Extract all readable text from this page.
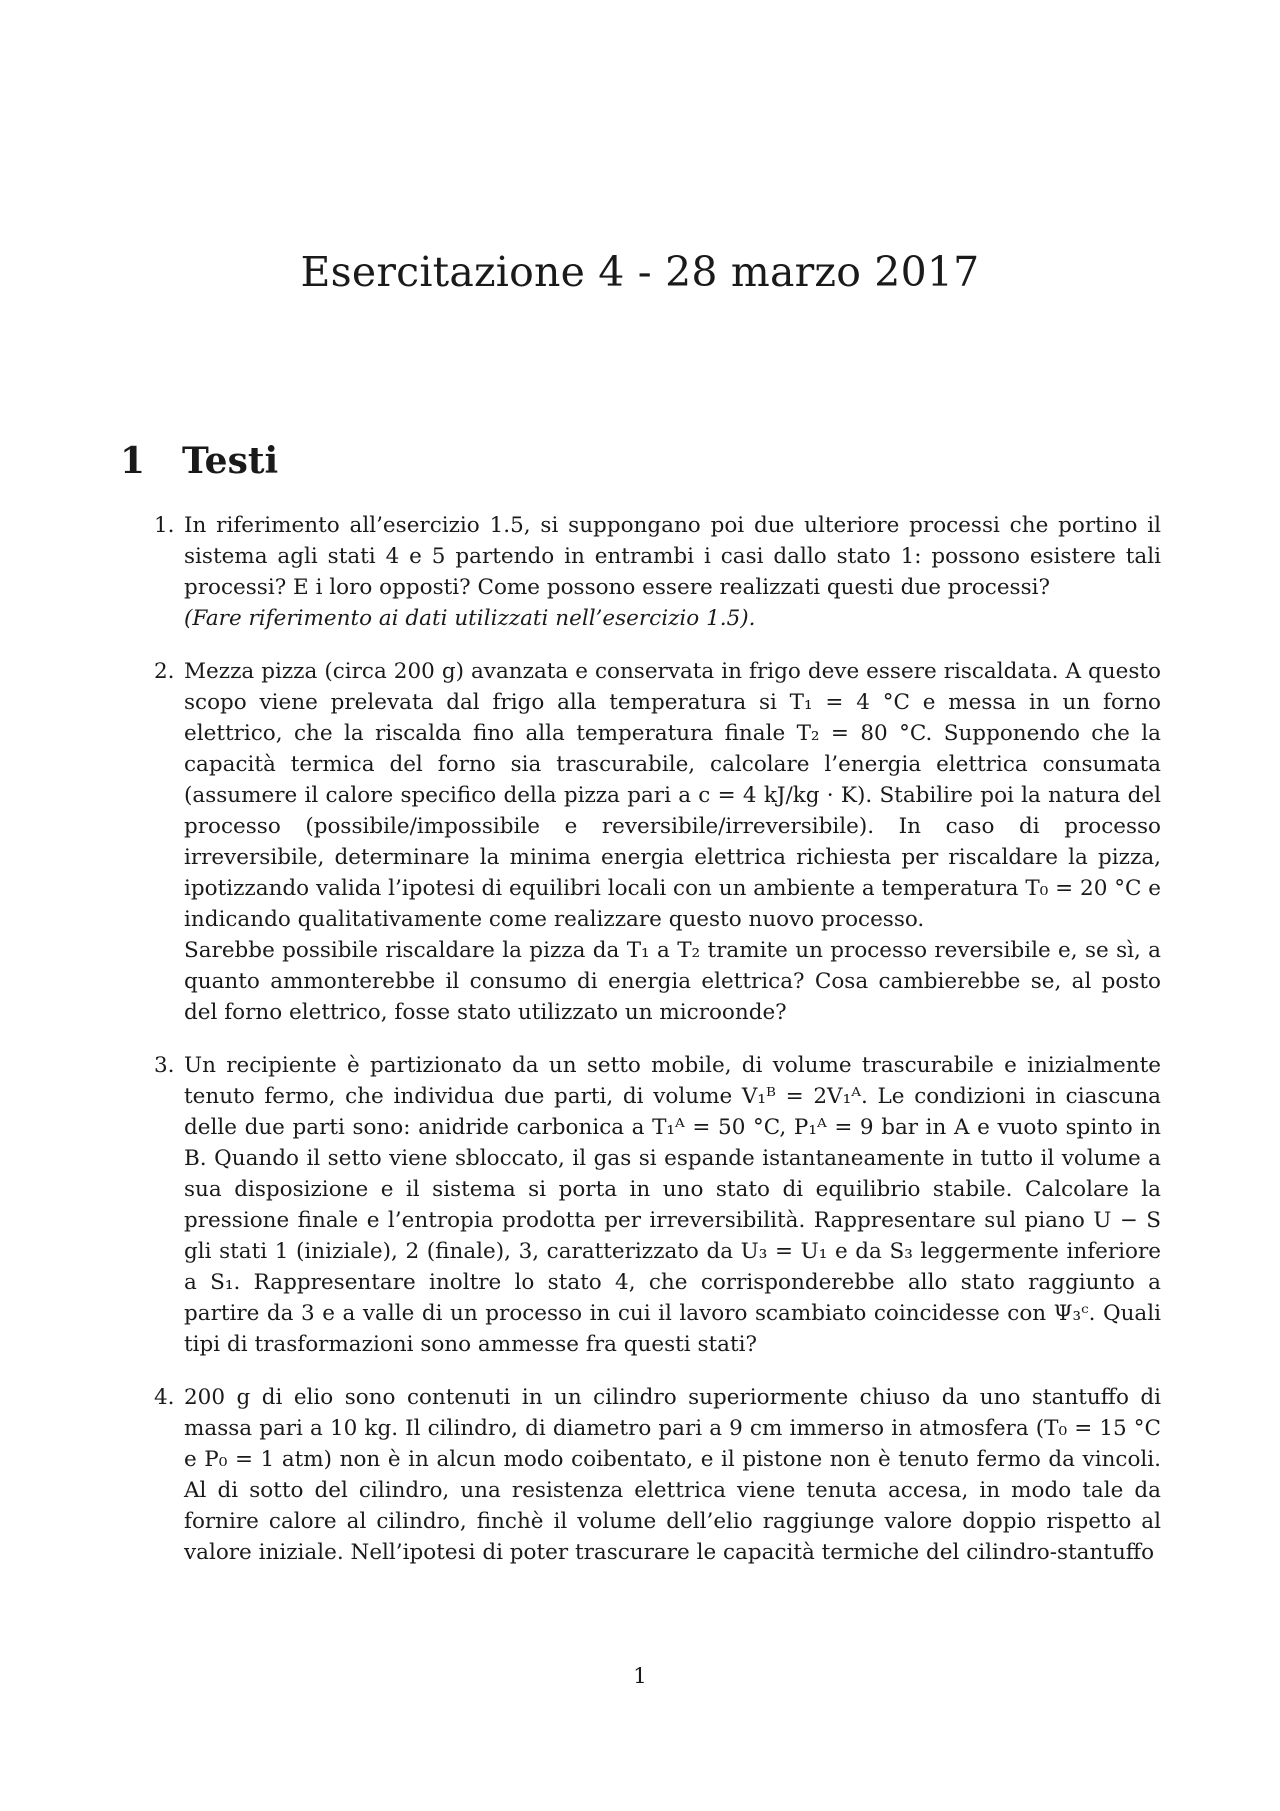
Esercitazione 4 - 28 marzo 2017
1 Testi
1. In riferimento all’esercizio 1.5, si suppongano poi due ulteriore processi che portino il sistema agli stati 4 e 5 partendo in entrambi i casi dallo stato 1: possono esistere tali processi? E i loro opposti? Come possono essere realizzati questi due processi?

(Fare riferimento ai dati utilizzati nell’esercizio 1.5).

2. Mezza pizza (circa 200 g) avanzata e conservata in frigo deve essere riscaldata. A questo scopo viene prelevata dal frigo alla temperatura si T₁ = 4 °C e messa in un forno elettrico, che la riscalda fino alla temperatura finale T₂ = 80 °C. Supponendo che la capacità termica del forno sia trascurabile, calcolare l’energia elettrica consumata (assumere il calore specifico della pizza pari a c = 4 kJ/kg · K). Stabilire poi la natura del processo (possibile/impossibile e reversibile/irreversibile). In caso di processo irreversibile, determinare la minima energia elettrica richiesta per riscaldare la pizza, ipotizzando valida l’ipotesi di equilibri locali con un ambiente a temperatura T₀ = 20 °C e indicando qualitativamente come realizzare questo nuovo processo.

Sarebbe possibile riscaldare la pizza da T₁ a T₂ tramite un processo reversibile e, se sì, a quanto ammonterebbe il consumo di energia elettrica? Cosa cambierebbe se, al posto del forno elettrico, fosse stato utilizzato un microonde?

3. Un recipiente è partizionato da un setto mobile, di volume trascurabile e inizialmente tenuto fermo, che individua due parti, di volume V₁ᴮ = 2V₁ᴬ. Le condizioni in ciascuna delle due parti sono: anidride carbonica a T₁ᴬ = 50 °C, P₁ᴬ = 9 bar in A e vuoto spinto in B. Quando il setto viene sbloccato, il gas si espande istantaneamente in tutto il volume a sua disposizione e il sistema si porta in uno stato di equilibrio stabile. Calcolare la pressione finale e l’entropia prodotta per irreversibilità. Rappresentare sul piano U − S gli stati 1 (iniziale), 2 (finale), 3, caratterizzato da U₃ = U₁ e da S₃ leggermente inferiore a S₁. Rappresentare inoltre lo stato 4, che corrisponderebbe allo stato raggiunto a partire da 3 e a valle di un processo in cui il lavoro scambiato coincidesse con Ψ₃ᶜ. Quali tipi di trasformazioni sono ammesse fra questi stati?

4. 200 g di elio sono contenuti in un cilindro superiormente chiuso da uno stantuffo di massa pari a 10 kg. Il cilindro, di diametro pari a 9 cm immerso in atmosfera (T₀ = 15 °C e P₀ = 1 atm) non è in alcun modo coibentato, e il pistone non è tenuto fermo da vincoli. Al di sotto del cilindro, una resistenza elettrica viene tenuta accesa, in modo tale da fornire calore al cilindro, finchè il volume dell’elio raggiunge valore doppio rispetto al valore iniziale. Nell’ipotesi di poter trascurare le capacità termiche del cilindro-stantuffo

1
